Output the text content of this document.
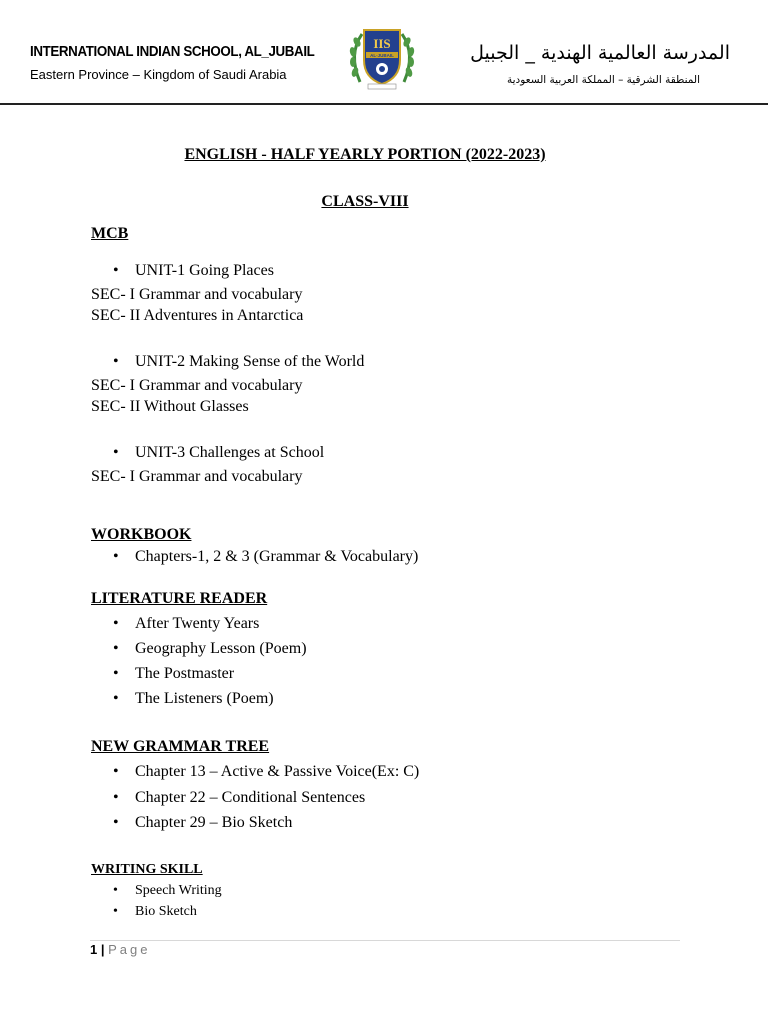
INTERNATIONAL INDIAN SCHOOL, AL_JUBAIL
Eastern Province – Kingdom of Saudi Arabia
IIS
AL-JUBAIL	المدرسة العالمية الهندية _ الجبيل
المنطقة الشرقية – المملكة العربية السعودية
ENGLISH - HALF YEARLY PORTION (2022-2023)
CLASS-VIII
MCB
• UNIT-1 Going Places
SEC- I Grammar and vocabulary
SEC- II Adventures in Antarctica
• UNIT-2 Making Sense of the World
SEC- I Grammar and vocabulary
SEC- II Without Glasses
• UNIT-3 Challenges at School
SEC- I Grammar and vocabulary
WORKBOOK
• Chapters-1, 2 & 3 (Grammar & Vocabulary)
LITERATURE READER
• After Twenty Years
• Geography Lesson (Poem)
• The Postmaster
• The Listeners (Poem)
NEW GRAMMAR TREE
• Chapter 13 – Active & Passive Voice(Ex: C)
• Chapter 22 – Conditional Sentences
• Chapter 29 – Bio Sketch
WRITING SKILL
• Speech Writing
• Bio Sketch
1 | Page
